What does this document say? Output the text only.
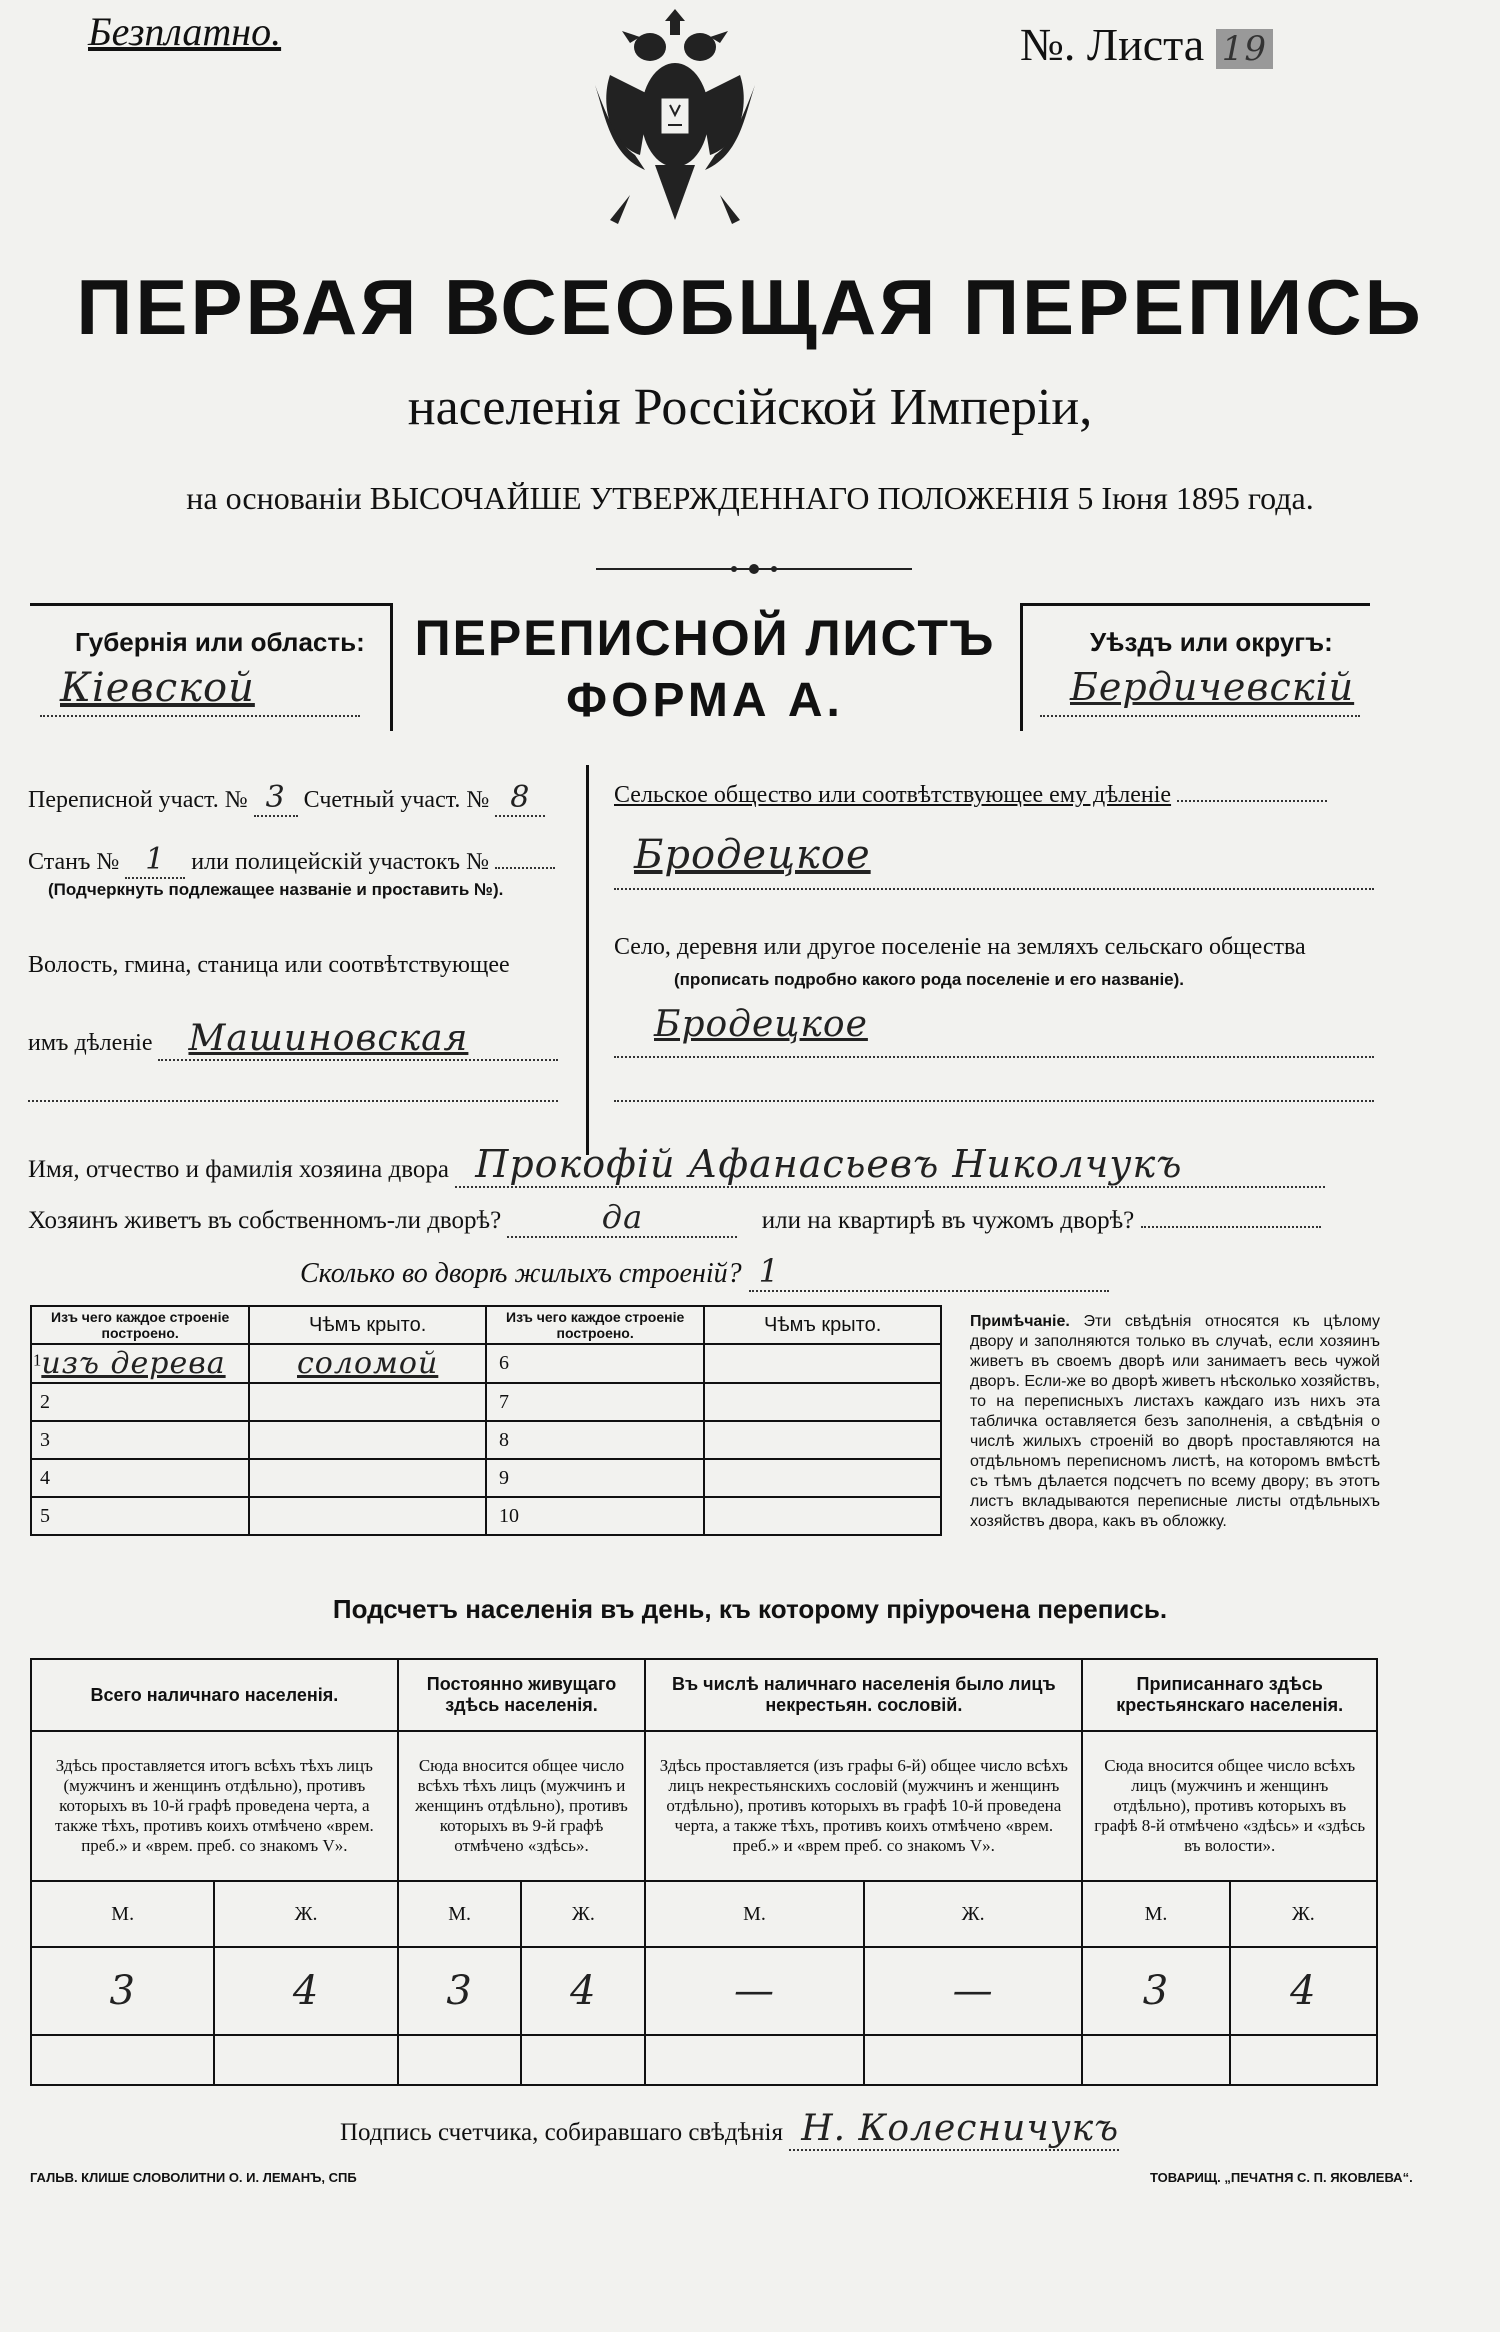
Безплатно.	№. Листа 19
ПЕРВАЯ ВСЕОБЩАЯ ПЕРЕПИСЬ
населенія Россійской Имперіи,
на основаніи ВЫСОЧАЙШЕ УТВЕРЖДЕННАГО ПОЛОЖЕНІЯ 5 Іюня 1895 года.
Губернія или область:
Кіевской
ПЕРЕПИСНОЙ ЛИСТЪ
ФОРМА А.
Уѣздъ или округъ:
Бердичевскій
Переписной участ. № 3 Счетный участ. № 8
Станъ № 1 или полицейскій участокъ №
(Подчеркнуть подлежащее названіе и проставить №).
Волость, гмина, станица или соотвѣтствующее
имъ дѣленіе Машиновская
Сельское общество или соотвѣтствующее ему дѣленіе
Бродецкое
Село, деревня или другое поселеніе на земляхъ сельскаго общества
(прописать подробно какого рода поселеніе и его названіе).
Бродецкое
Имя, отчество и фамилія хозяина двора Прокофій Афанасьевъ Николчукъ
Хозяинъ живетъ въ собственномъ-ли дворѣ?	да	или на квартирѣ въ чужомъ дворѣ?
Сколько во дворѣ жилыхъ строеній? 1
Изъ чего каждое строеніе построено.	Чѣмъ крыто.	Изъ чего каждое строеніе построено.	Чѣмъ крыто.
$^1$изъ дерева	соломой	6	
2		7	
3		8	
4		9	
5		10	
Примѣчаніе. Эти свѣдѣнія относятся къ цѣлому двору и заполняются только въ случаѣ, если хозяинъ живетъ въ своемъ дворѣ или занимаетъ весь чужой дворъ. Если-же во дворѣ живетъ нѣсколько хозяйствъ, то на переписныхъ листахъ каждаго изъ нихъ эта табличка оставляется безъ заполненія, а свѣдѣнія о числѣ жилыхъ строеній во дворѣ проставляются на отдѣльномъ переписномъ листѣ, на которомъ вмѣстѣ съ тѣмъ дѣлается подсчетъ по всему двору; въ этотъ листъ вкладываются переписные листы отдѣльныхъ хозяйствъ двора, какъ въ обложку.
Подсчетъ населенія въ день, къ которому пріурочена перепись.
Всего наличнаго населенія.		Постоянно живущаго здѣсь населенія.		Въ числѣ наличнаго населенія было лицъ некрестьян. сословій.		Приписаннаго здѣсь крестьянскаго населенія.	
Здѣсь проставляется итогъ всѣхъ тѣхъ лицъ (мужчинъ и женщинъ отдѣльно), противъ которыхъ въ 10-й графѣ проведена черта, а также тѣхъ, противъ коихъ отмѣчено «врем. преб.» и «врем. преб. со знакомъ V».		Сюда вносится общее число всѣхъ тѣхъ лицъ (мужчинъ и женщинъ отдѣльно), противъ которыхъ въ 9-й графѣ отмѣчено «здѣсь».		Здѣсь проставляется (изъ графы 6-й) общее число всѣхъ лицъ некрестьянскихъ сословій (мужчинъ и женщинъ отдѣльно), противъ которыхъ въ графѣ 10-й проведена черта, а также тѣхъ, противъ коихъ отмѣчено «врем. преб.» и «врем преб. со знакомъ V».		Сюда вносится общее число всѣхъ лицъ (мужчинъ и женщинъ отдѣльно), противъ которыхъ въ графѣ 8-й отмѣчено «здѣсь» и «здѣсь въ волости».	
М.	Ж.	М.	Ж.	М.	Ж.	М.	Ж.
3	4	3	4	—	—	3	4

Подпись счетчика, собиравшаго свѣдѣнія Н. Колесничукъ
ГАЛЬВ. КЛИШЕ СЛОВОЛИТНИ О. И. ЛЕМАНЪ, СПБ	ТОВАРИЩ. „ПЕЧАТНЯ С. П. ЯКОВЛЕВА“.
